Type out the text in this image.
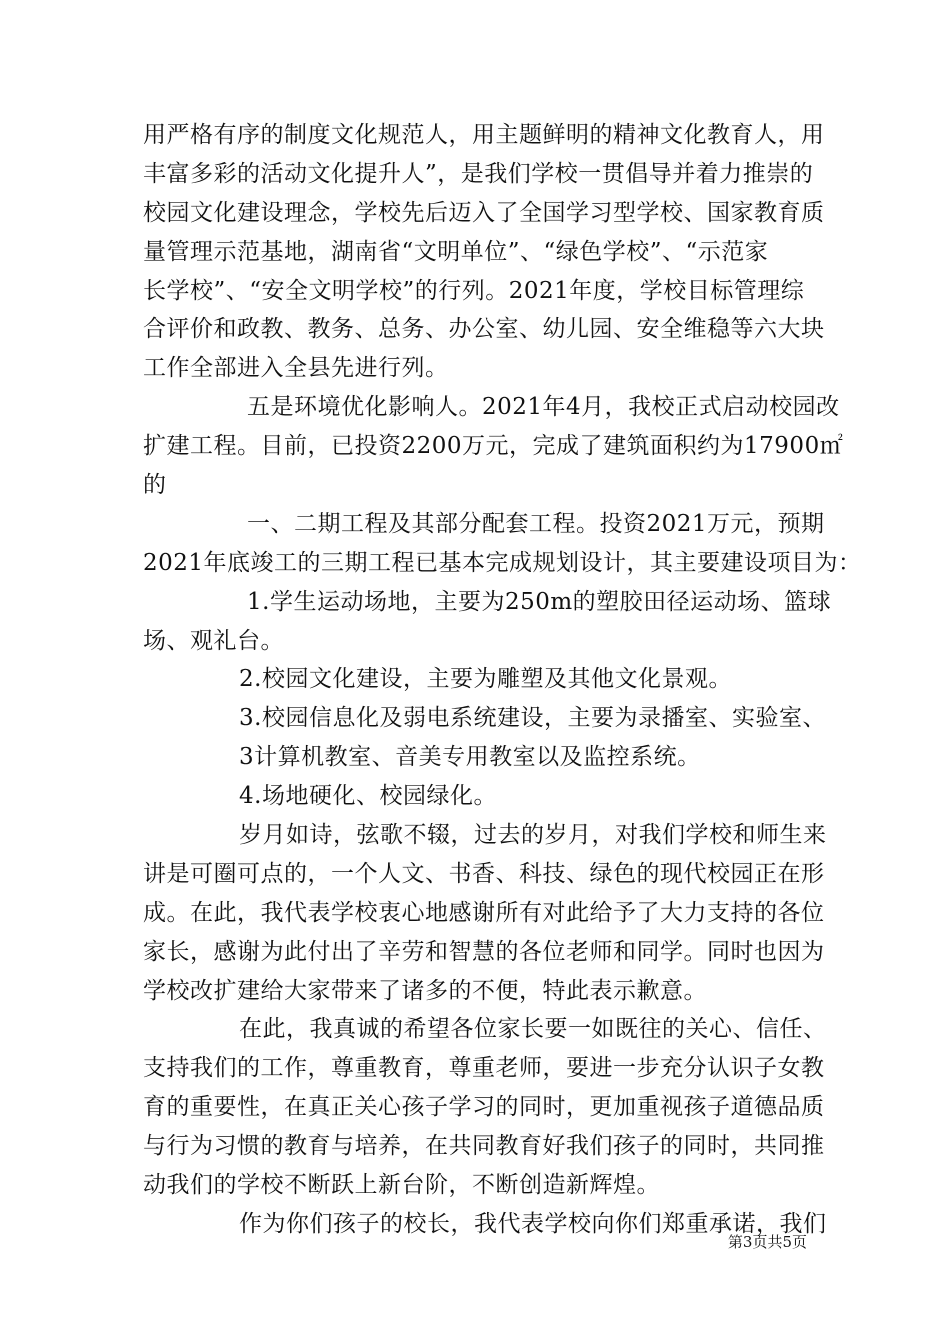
用严格有序的制度文化规范人，用主题鲜明的精神文化教育人，用
丰富多彩的活动文化提升人”，是我们学校一贯倡导并着力推崇的
校园文化建设理念，学校先后迈入了全国学习型学校、国家教育质
量管理示范基地，湖南省“文明单位”、“绿色学校”、“示范家
长学校”、“安全文明学校”的行列。2021年度，学校目标管理综
合评价和政教、教务、总务、办公室、幼儿园、安全维稳等六大块
工作全部进入全县先进行列。
五是环境优化影响人。2021年4月，我校正式启动校园改
扩建工程。目前，已投资2200万元，完成了建筑面积约为17900㎡
的
一、二期工程及其部分配套工程。投资2021万元，预期
2021年底竣工的三期工程已基本完成规划设计，其主要建设项目为：
1.学生运动场地，主要为250m的塑胶田径运动场、篮球
场、观礼台。
2.校园文化建设，主要为雕塑及其他文化景观。
3.校园信息化及弱电系统建设，主要为录播室、实验室、
3计算机教室、音美专用教室以及监控系统。
4.场地硬化、校园绿化。
岁月如诗，弦歌不辍，过去的岁月，对我们学校和师生来
讲是可圈可点的，一个人文、书香、科技、绿色的现代校园正在形
成。在此，我代表学校衷心地感谢所有对此给予了大力支持的各位
家长，感谢为此付出了辛劳和智慧的各位老师和同学。同时也因为
学校改扩建给大家带来了诸多的不便，特此表示歉意。
在此，我真诚的希望各位家长要一如既往的关心、信任、
支持我们的工作，尊重教育，尊重老师，要进一步充分认识子女教
育的重要性，在真正关心孩子学习的同时，更加重视孩子道德品质
与行为习惯的教育与培养，在共同教育好我们孩子的同时，共同推
动我们的学校不断跃上新台阶，不断创造新辉煌。
作为你们孩子的校长，我代表学校向你们郑重承诺，我们
第3页共5页
